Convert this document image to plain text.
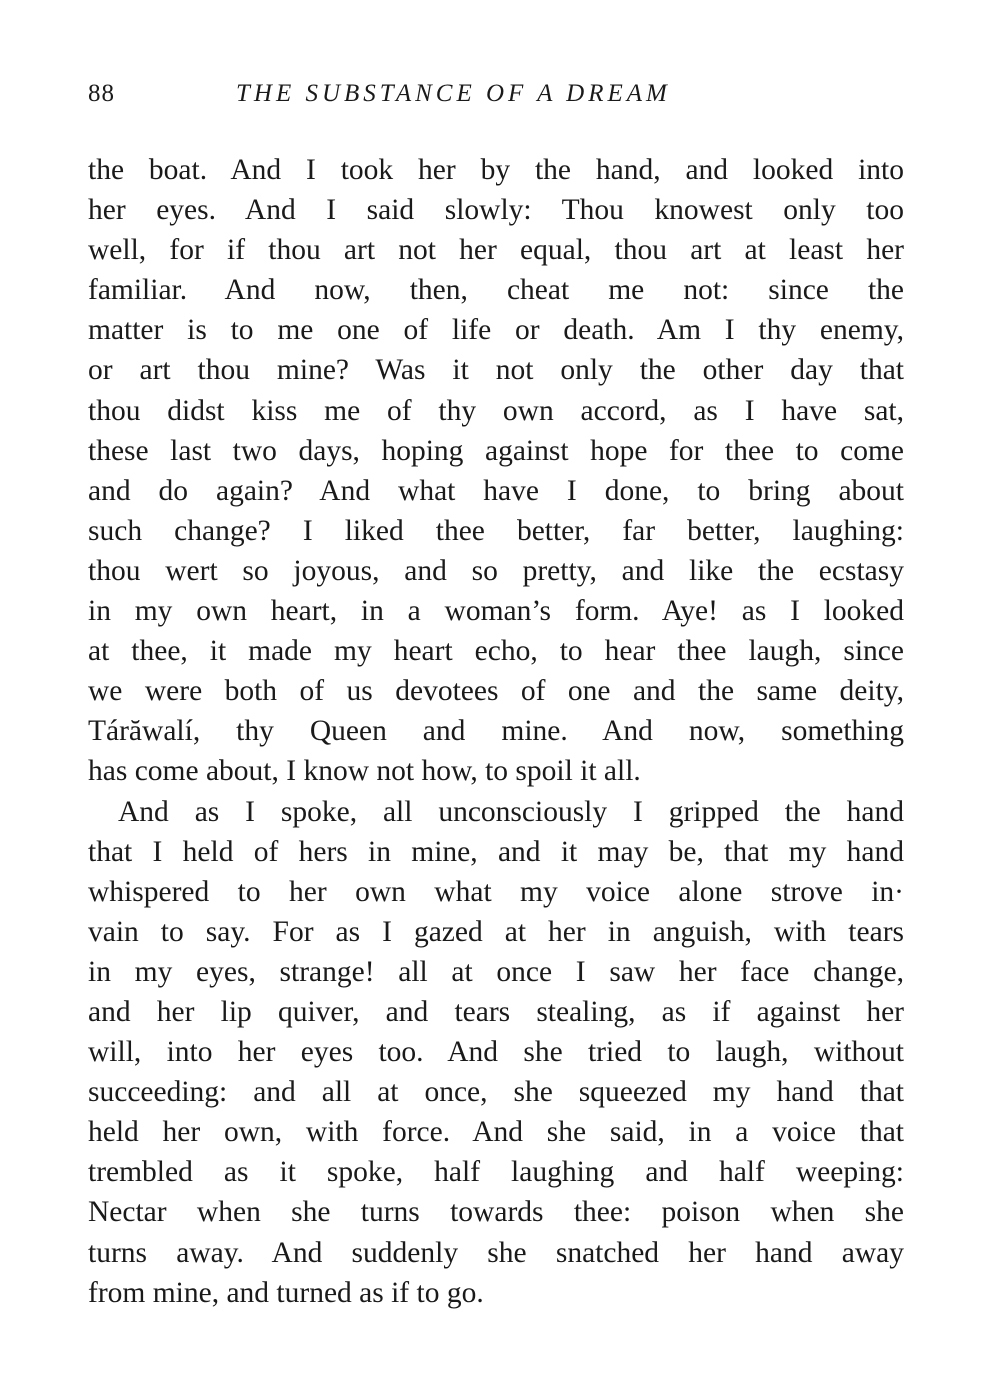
88	THE SUBSTANCE OF A DREAM
the boat. And I took her by the hand, and looked into
her eyes. And I said slowly: Thou knowest only too
well, for if thou art not her equal, thou art at least her
familiar. And now, then, cheat me not: since the
matter is to me one of life or death. Am I thy enemy,
or art thou mine? Was it not only the other day that
thou didst kiss me of thy own accord, as I have sat,
these last two days, hoping against hope for thee to come
and do again? And what have I done, to bring about
such change? I liked thee better, far better, laughing:
thou wert so joyous, and so pretty, and like the ecstasy
in my own heart, in a woman’s form. Aye! as I looked
at thee, it made my heart echo, to hear thee laugh, since
we were both of us devotees of one and the same deity,
Tárăwalí, thy Queen and mine. And now, something
has come about, I know not how, to spoil it all.
And as I spoke, all unconsciously I gripped the hand
that I held of hers in mine, and it may be, that my hand
whispered to her own what my voice alone strove in·
vain to say. For as I gazed at her in anguish, with tears
in my eyes, strange! all at once I saw her face change,
and her lip quiver, and tears stealing, as if against her
will, into her eyes too. And she tried to laugh, without
succeeding: and all at once, she squeezed my hand that
held her own, with force. And she said, in a voice that
trembled as it spoke, half laughing and half weeping:
Nectar when she turns towards thee: poison when she
turns away. And suddenly she snatched her hand away
from mine, and turned as if to go.
